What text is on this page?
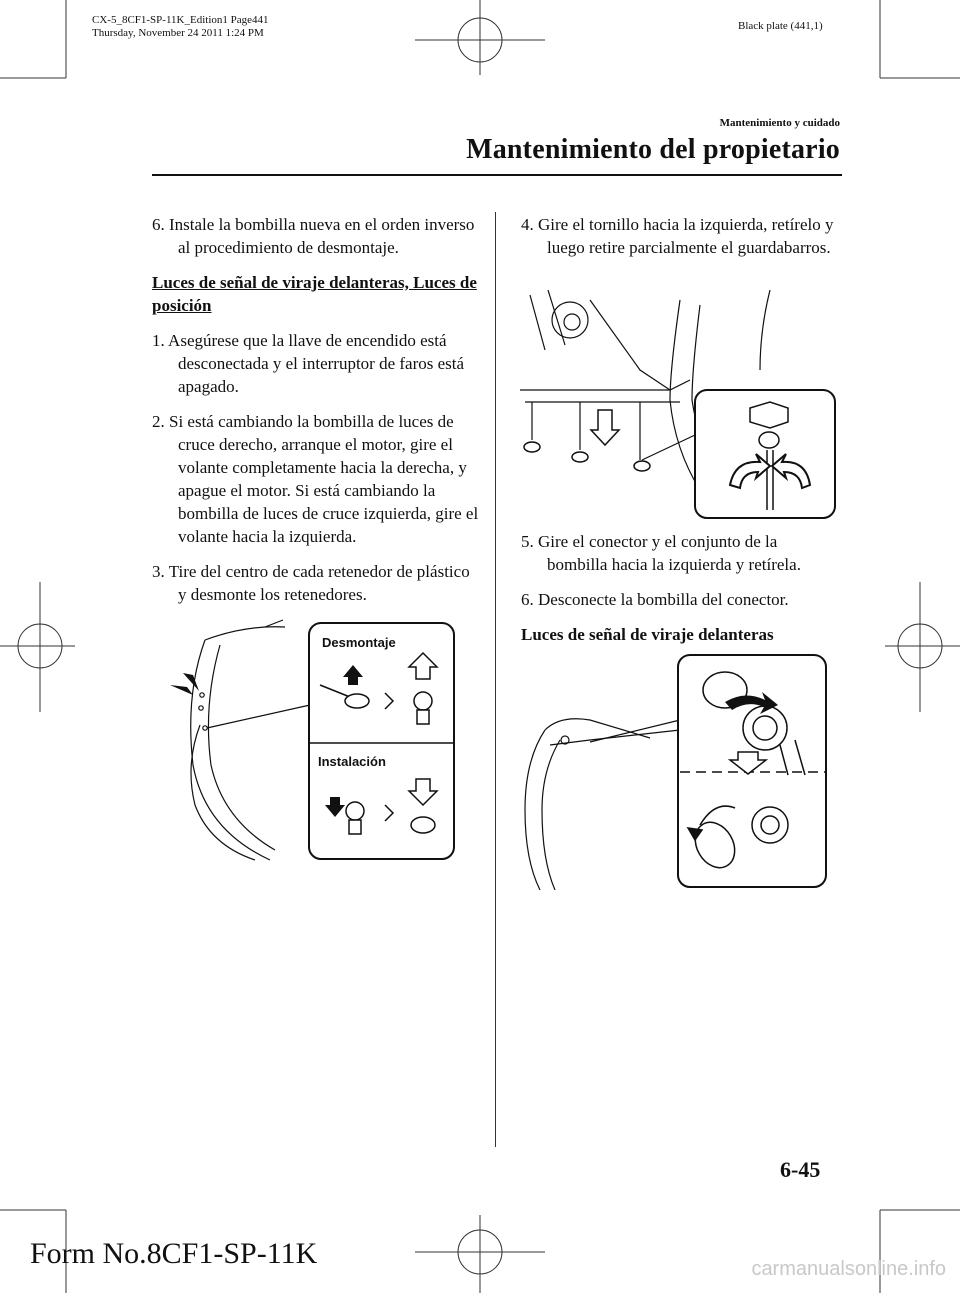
CX-5_8CF1-SP-11K_Edition1 Page441
Thursday, November 24 2011 1:24 PM
Black plate (441,1)
Mantenimiento y cuidado
Mantenimiento del propietario

6. Instale la bombilla nueva en el orden inverso al procedimiento de desmontaje.

Luces de señal de viraje delanteras, Luces de posición

1. Asegúrese que la llave de encendido está desconectada y el interruptor de faros está apagado.

2. Si está cambiando la bombilla de luces de cruce derecho, arranque el motor, gire el volante completamente hacia la derecha, y apague el motor. Si está cambiando la bombilla de luces de cruce izquierda, gire el volante hacia la izquierda.

3. Tire del centro de cada retenedor de plástico y desmonte los retenedores.

Desmontaje
Instalación

4. Gire el tornillo hacia la izquierda, retírelo y luego retire parcialmente el guardabarros.

5. Gire el conector y el conjunto de la bombilla hacia la izquierda y retírela.

6. Desconecte la bombilla del conector.

Luces de señal de viraje delanteras

6-45
Form No.8CF1-SP-11K	carmanualsonline.info
